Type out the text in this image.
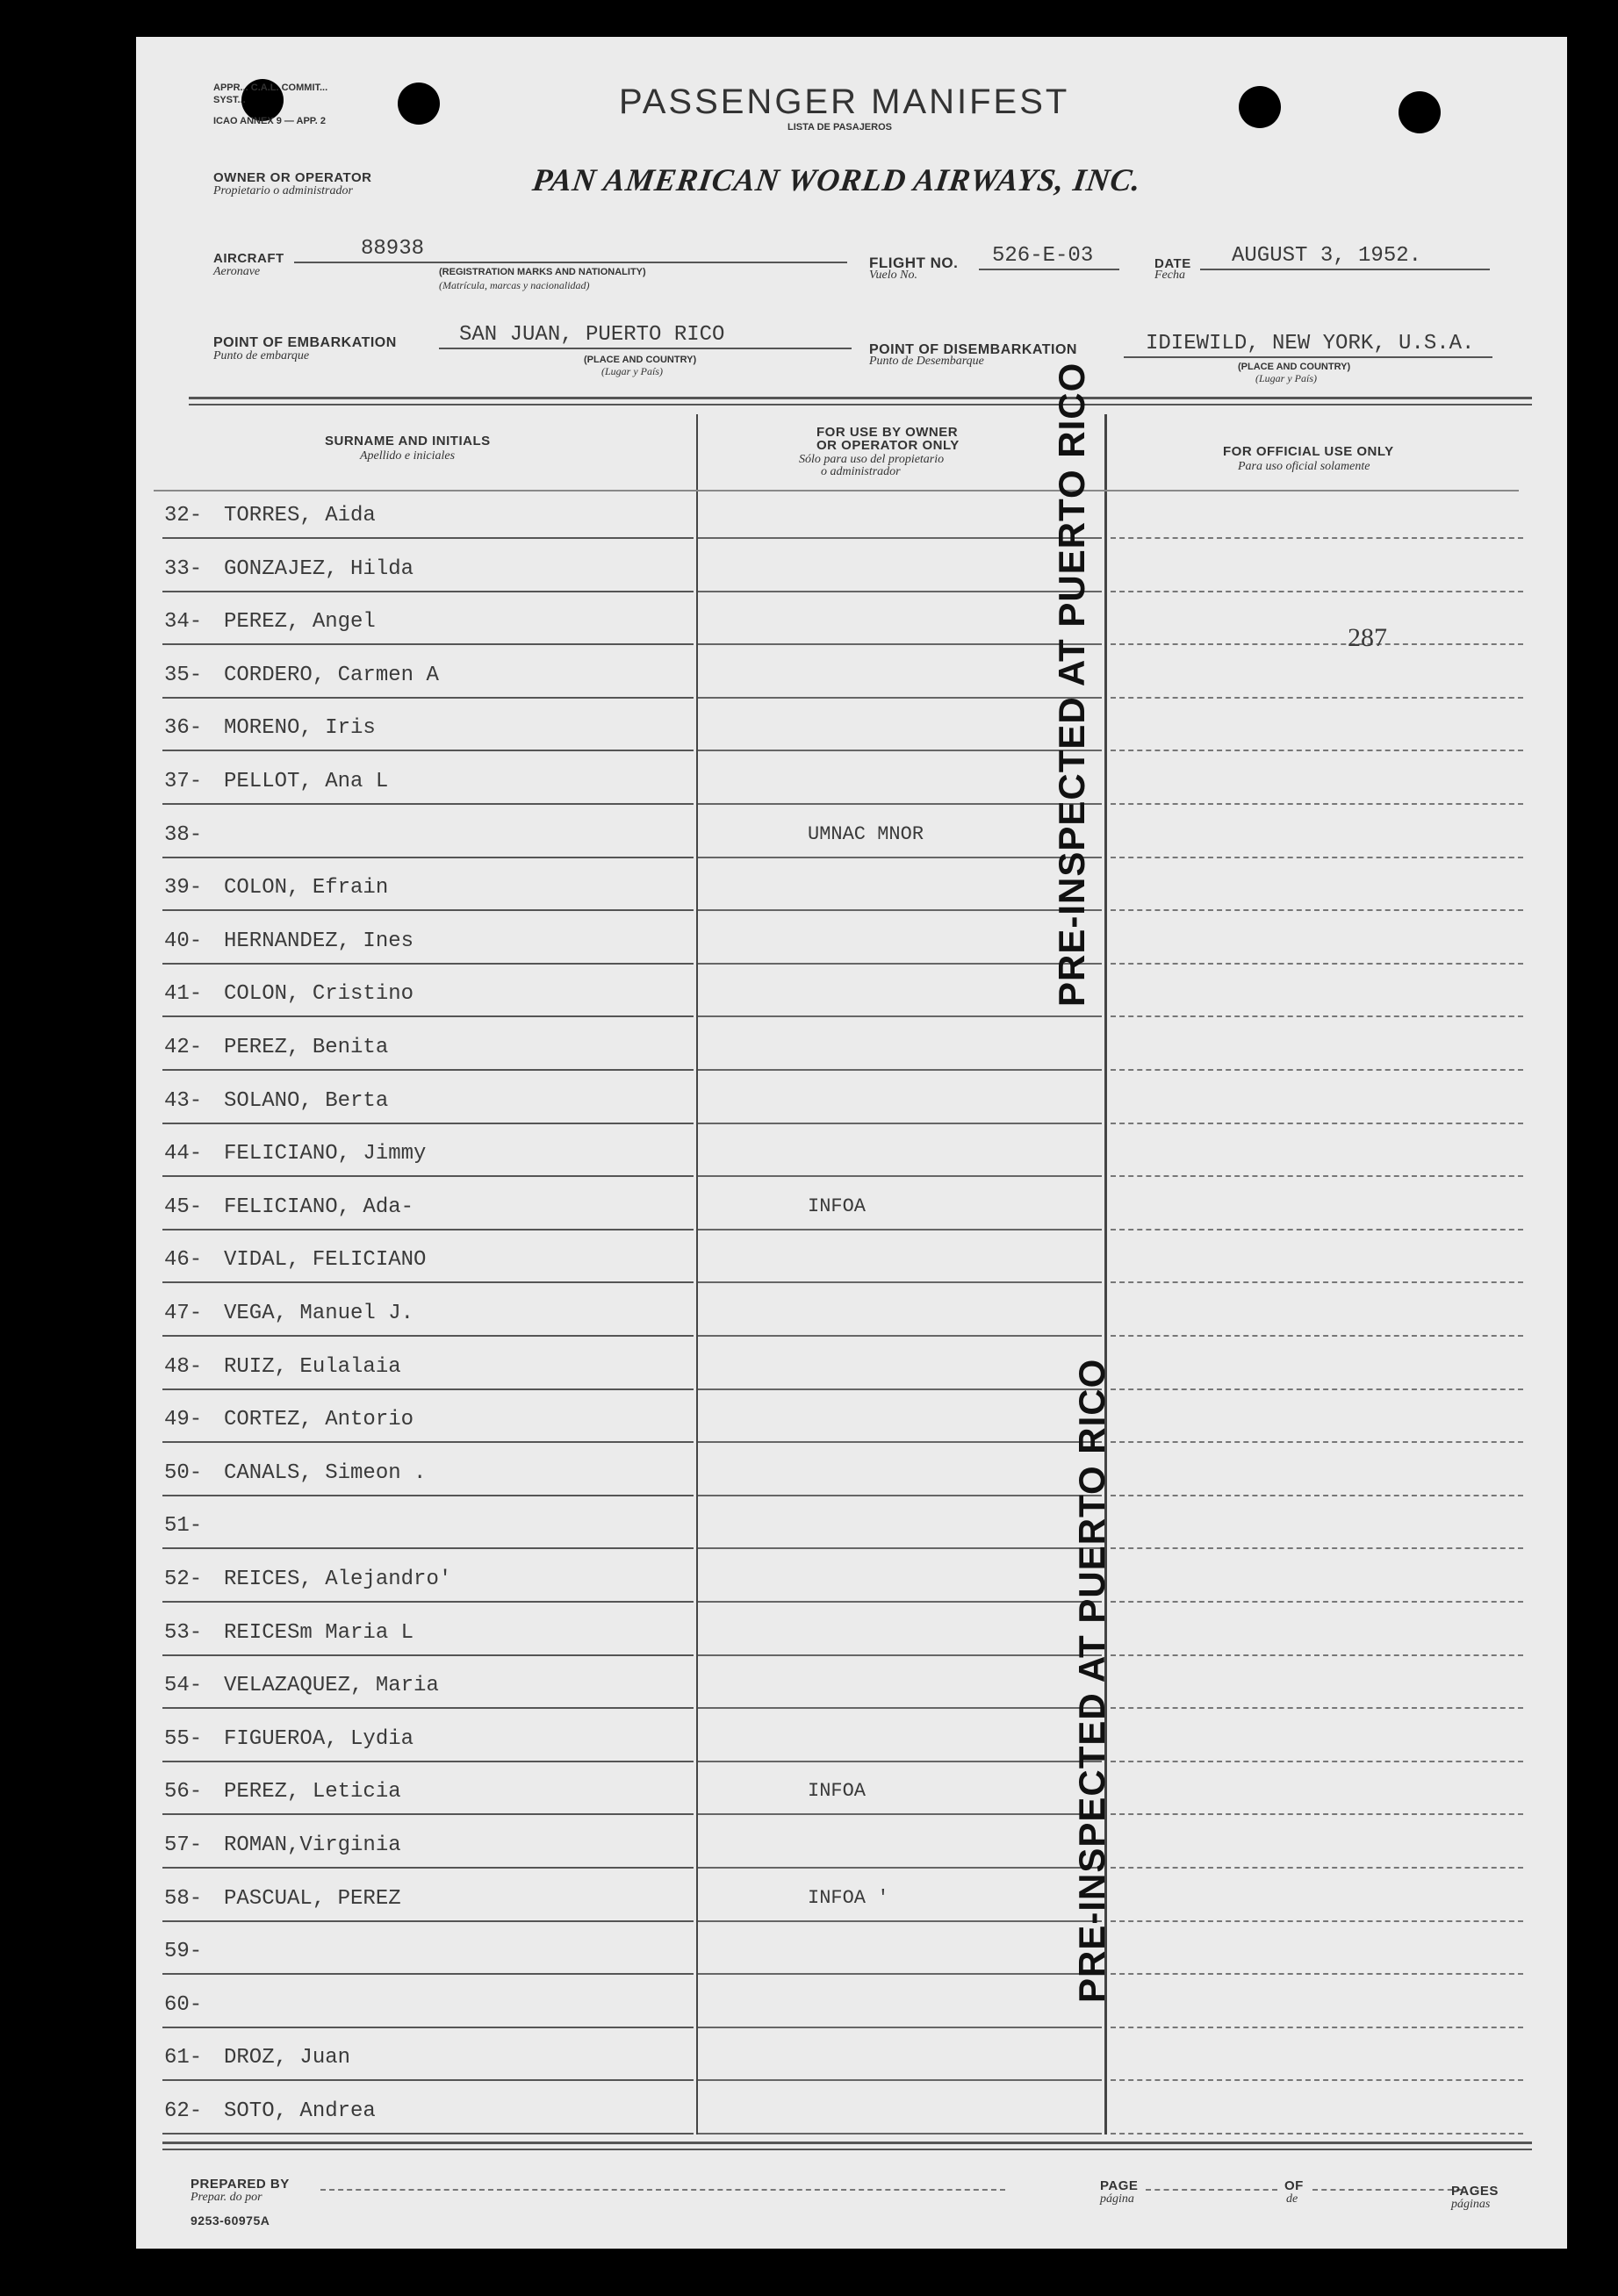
APPR... C.A.L. COMMIT...
SYST...
ICAO ANNEX 9 — APP. 2	PASSENGER MANIFEST
LISTA DE PASAJEROS
OWNER OR OPERATOR
Propietario o administrador	PAN AMERICAN WORLD AIRWAYS, INC.
AIRCRAFT
Aeronave
88938
(REGISTRATION MARKS AND NATIONALITY)
(Matrícula, marcas y nacionalidad)
FLIGHT NO.
Vuelo No.
526-E-03	DATE
Fecha
AUGUST 3, 1952.
POINT OF EMBARKATION
Punto de embarque
SAN JUAN, PUERTO RICO
(PLACE AND COUNTRY)
(Lugar y País)
POINT OF DISEMBARKATION
Punto de Desembarque
IDIEWILD, NEW YORK, U.S.A.
(PLACE AND COUNTRY)
(Lugar y País)
SURNAME AND INITIALS
Apellido e iniciales
FOR USE BY OWNER
OR OPERATOR ONLY
Sólo para uso del propietario
o administrador
FOR OFFICIAL USE ONLY
Para uso oficial solamente
32- TORRES, Aida
33- GONZAJEZ, Hilda
34- PEREZ, Angel
35- CORDERO, Carmen A
36- MORENO, Iris
37- PELLOT, Ana L
38-	UMNAC MNOR
39- COLON, Efrain
40- HERNANDEZ, Ines
41- COLON, Cristino
42- PEREZ, Benita
43- SOLANO, Berta
44- FELICIANO, Jimmy
45- FELICIANO, Ada-	INFOA
46- VIDAL, FELICIANO
47- VEGA, Manuel J.
48- RUIZ, Eulalaia
49- CORTEZ, Antorio
50- CANALS, Simeon .
51-
52- REICES, Alejandro'
53- REICESm Maria L
54- VELAZAQUEZ, Maria
55- FIGUEROA, Lydia
56- PEREZ, Leticia	INFOA
57- ROMAN,Virginia
58- PASCUAL, PEREZ	INFOA '
59-
60-
61- DROZ, Juan
62- SOTO, Andrea
287
PRE-INSPECTED AT PUERTO RICO
PRE-INSPECTED AT PUERTO RICO
PREPARED BY
Prepar. do por
9253-60975A
PAGE
página
OF
de
PAGES
páginas
